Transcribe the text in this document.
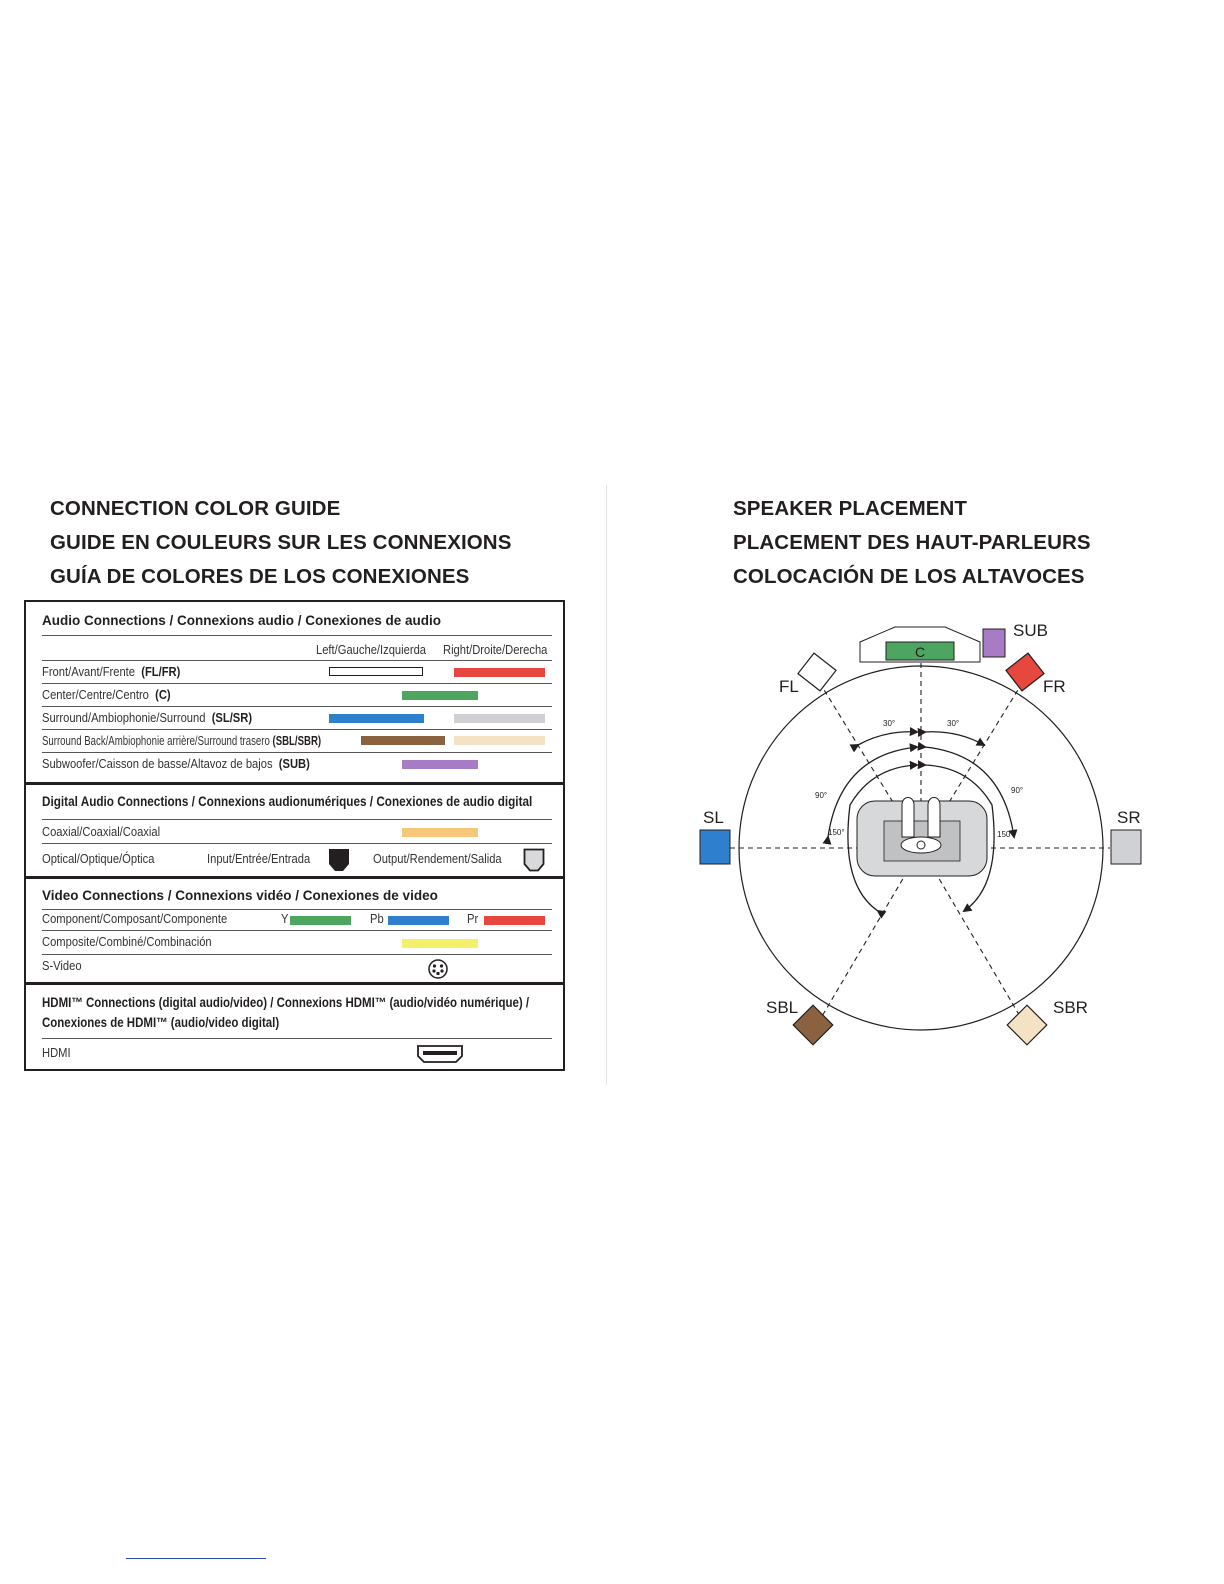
CONNECTION COLOR GUIDE
GUIDE EN COULEURS SUR LES CONNEXIONS
GUÍA DE COLORES DE LOS CONEXIONES
SPEAKER PLACEMENT
PLACEMENT DES HAUT-PARLEURS
COLOCACIÓN DE LOS ALTAVOCES
Audio Connections / Connexions audio / Conexiones de audio
Left/Gauche/Izquierda Right/Droite/Derecha
Front/Avant/Frente (FL/FR)
Center/Centre/Centro (C)
Surround/Ambiophonie/Surround (SL/SR)
Surround Back/Ambiophonie arrière/Surround trasero (SBL/SBR)
Subwoofer/Caisson de basse/Altavoz de bajos (SUB)
Digital Audio Connections / Connexions audionumériques / Conexiones de audio digital
Coaxial/Coaxial/Coaxial
Optical/Optique/Óptica	Input/Entrée/Entrada	Output/Rendement/Salida
Video Connections / Connexions vidéo / Conexiones de video
Component/Composant/Componente	Y	Pb	Pr
Composite/Combiné/Combinación
S-Video
HDMI™ Connections (digital audio/video) / Connexions HDMI™ (audio/vidéo numérique) /
Conexiones de HDMI™ (audio/video digital)
HDMI
C
SUB
FL	FR
SL	SR
SBL	SBR
30°	30°
90°
90°
150°	150°
